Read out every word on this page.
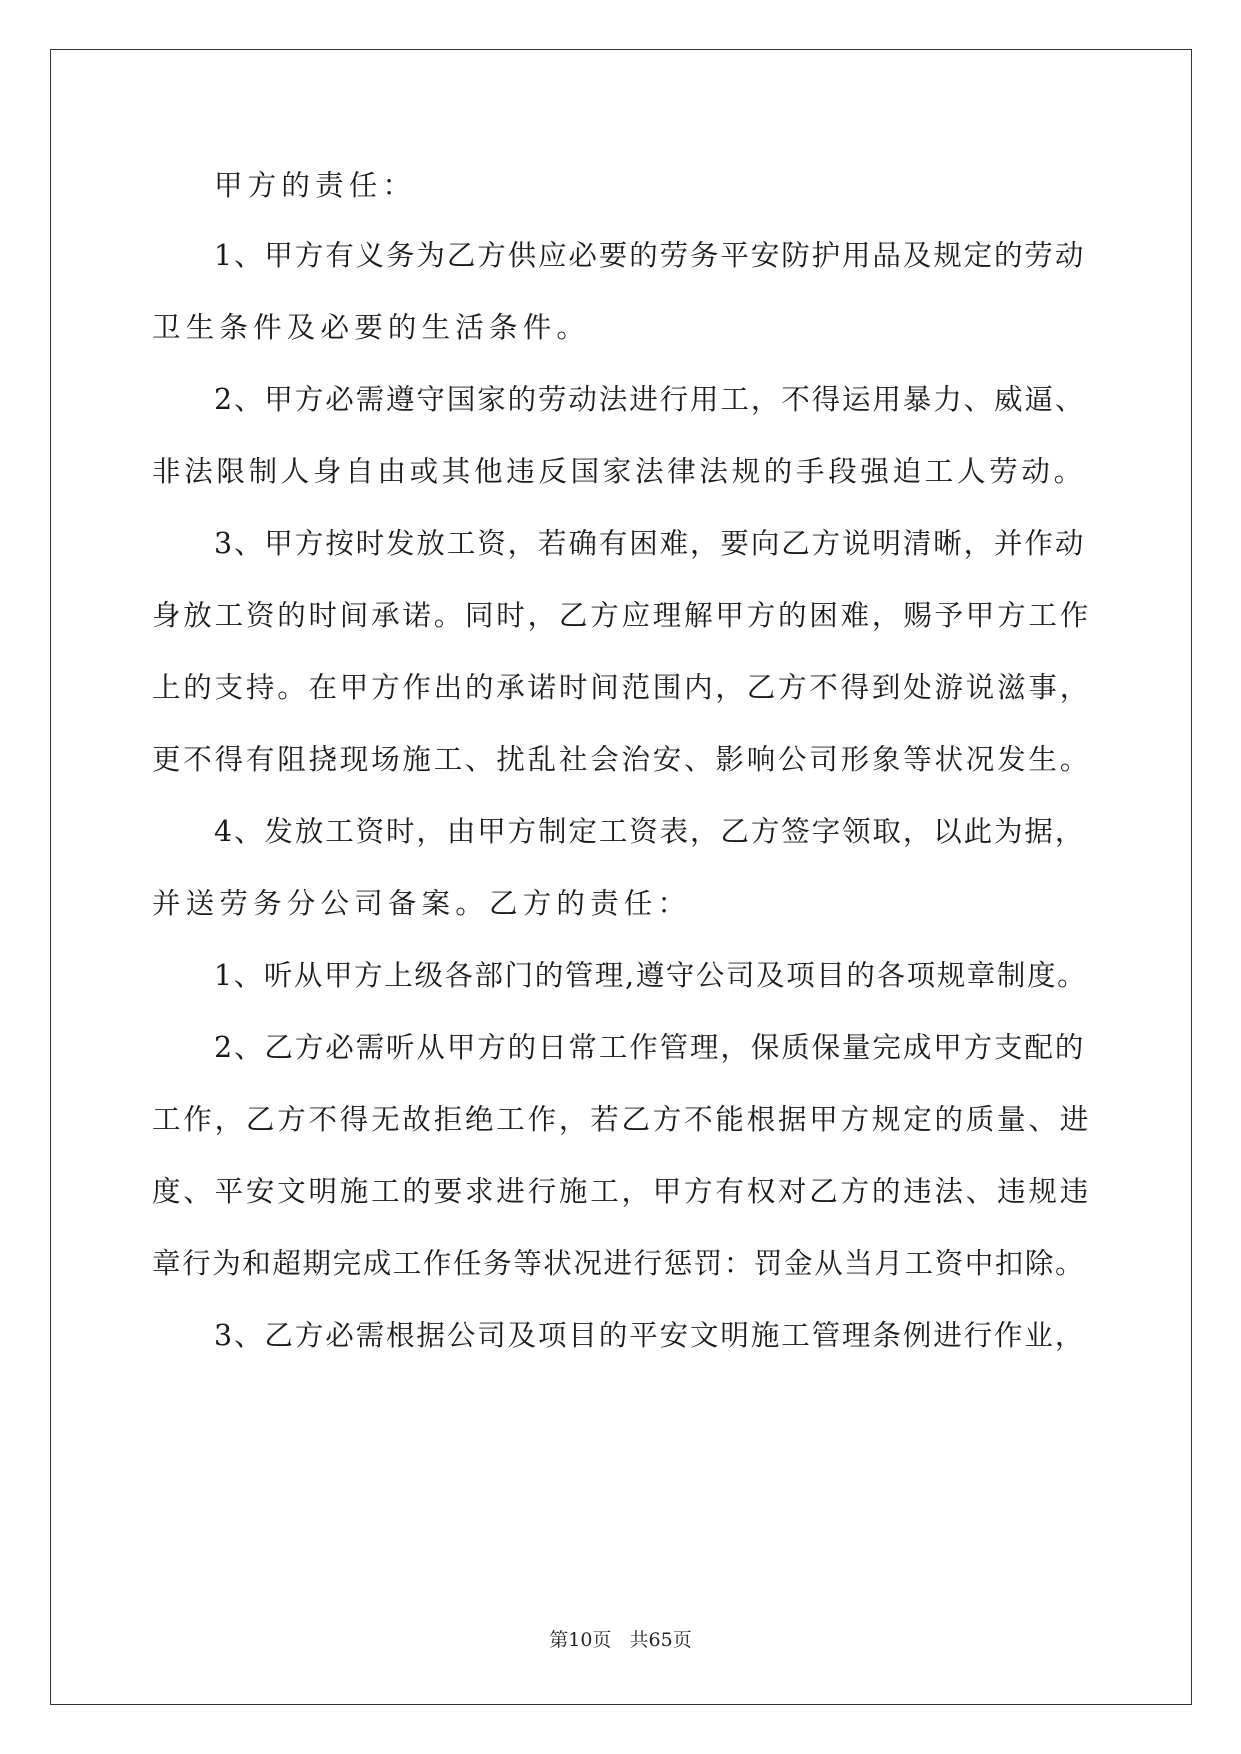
甲方的责任：
1、甲方有义务为乙方供应必要的劳务平安防护用品及规定的劳动
卫生条件及必要的生活条件。
2、甲方必需遵守国家的劳动法进行用工，不得运用暴力、威逼、
非法限制人身自由或其他违反国家法律法规的手段强迫工人劳动。
3、甲方按时发放工资，若确有困难，要向乙方说明清晰，并作动
身放工资的时间承诺。同时，乙方应理解甲方的困难，赐予甲方工作
上的支持。在甲方作出的承诺时间范围内，乙方不得到处游说滋事，
更不得有阻挠现场施工、扰乱社会治安、影响公司形象等状况发生。
4、发放工资时，由甲方制定工资表，乙方签字领取，以此为据，
并送劳务分公司备案。乙方的责任：
1、听从甲方上级各部门的管理,遵守公司及项目的各项规章制度。
2、乙方必需听从甲方的日常工作管理，保质保量完成甲方支配的
工作，乙方不得无故拒绝工作，若乙方不能根据甲方规定的质量、进
度、平安文明施工的要求进行施工，甲方有权对乙方的违法、违规违
章行为和超期完成工作任务等状况进行惩罚：罚金从当月工资中扣除。
3、乙方必需根据公司及项目的平安文明施工管理条例进行作业，
第10页   共65页
